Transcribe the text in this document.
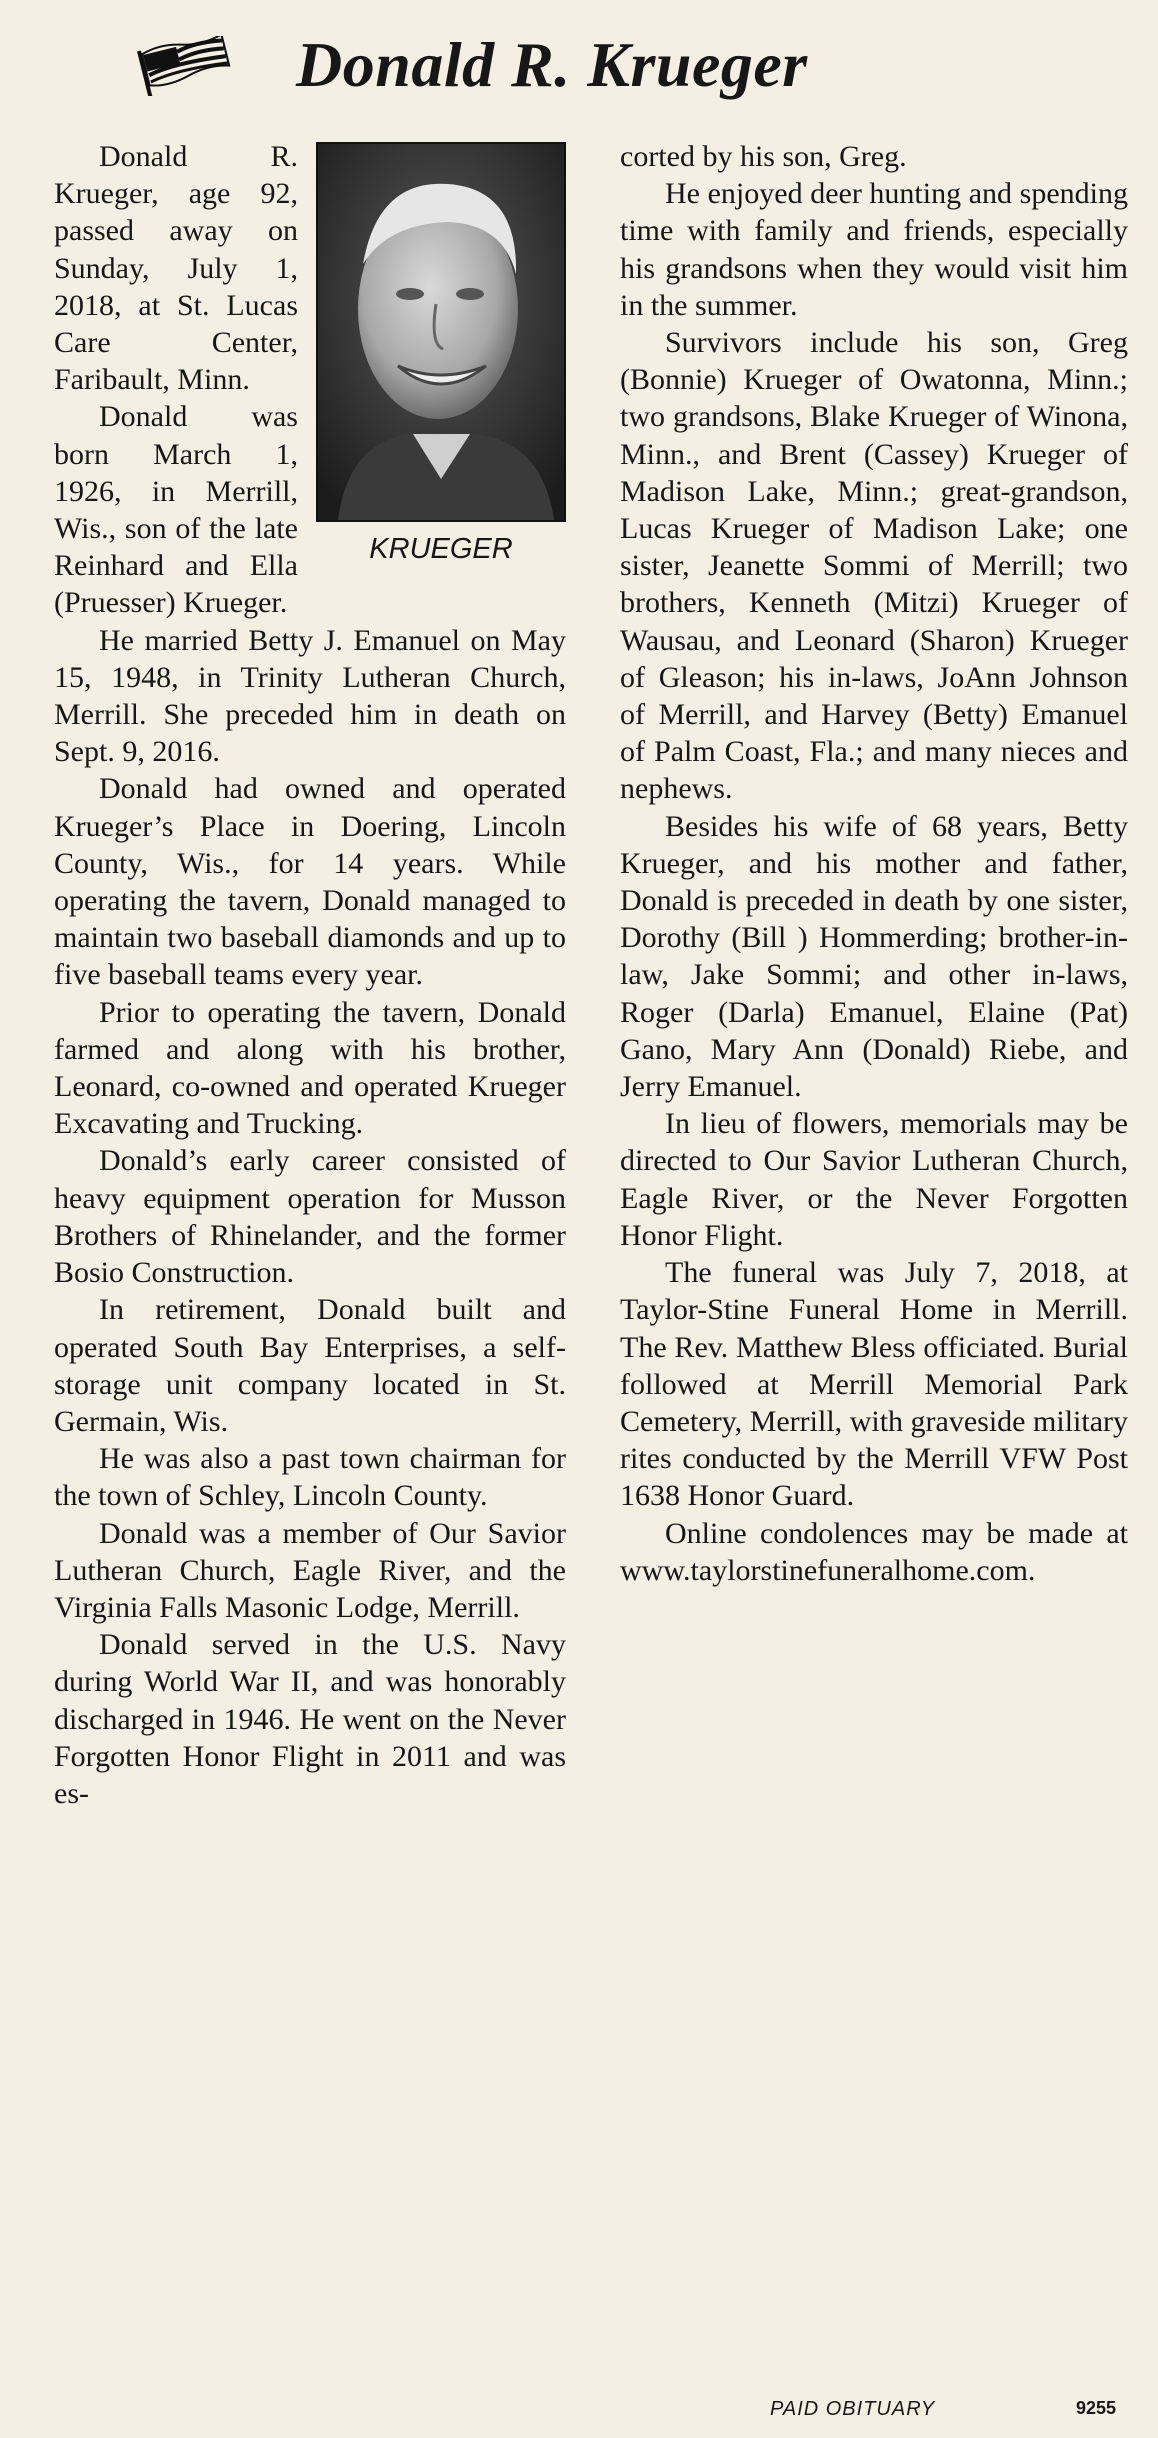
Donald R. Krueger
KRUEGER

Donald R. Krueger, age 92, passed away on Sunday, July 1, 2018, at St. Lucas Care Center, Faribault, Minn.

Donald was born March 1, 1926, in Merrill, Wis., son of the late Reinhard and Ella (Pruesser) Krueger.

He married Betty J. Emanuel on May 15, 1948, in Trinity Lutheran Church, Merrill. She preceded him in death on Sept. 9, 2016.

Donald had owned and operated Krueger’s Place in Doering, Lincoln County, Wis., for 14 years. While operating the tavern, Donald managed to maintain two baseball diamonds and up to five baseball teams every year.

Prior to operating the tavern, Donald farmed and along with his brother, Leonard, co-owned and operated Krueger Excavating and Trucking.

Donald’s early career consisted of heavy equipment operation for Musson Brothers of Rhinelander, and the former Bosio Construction.

In retirement, Donald built and operated South Bay Enterprises, a self-storage unit company located in St. Germain, Wis.

He was also a past town chairman for the town of Schley, Lincoln County.

Donald was a member of Our Savior Lutheran Church, Eagle River, and the Virginia Falls Masonic Lodge, Merrill.

Donald served in the U.S. Navy during World War II, and was honorably discharged in 1946. He went on the Never Forgotten Honor Flight in 2011 and was es-

corted by his son, Greg.

He enjoyed deer hunting and spending time with family and friends, especially his grandsons when they would visit him in the summer.

Survivors include his son, Greg (Bonnie) Krueger of Owatonna, Minn.; two grandsons, Blake Krueger of Winona, Minn., and Brent (Cassey) Krueger of Madison Lake, Minn.; great-grandson, Lucas Krueger of Madison Lake; one sister, Jeanette Sommi of Merrill; two brothers, Kenneth (Mitzi) Krueger of Wausau, and Leonard (Sharon) Krueger of Gleason; his in-laws, JoAnn Johnson of Merrill, and Harvey (Betty) Emanuel of Palm Coast, Fla.; and many nieces and nephews.

Besides his wife of 68 years, Betty Krueger, and his mother and father, Donald is preceded in death by one sister, Dorothy (Bill ) Hommerding; brother-in-law, Jake Sommi; and other in-laws, Roger (Darla) Emanuel, Elaine (Pat) Gano, Mary Ann (Donald) Riebe, and Jerry Emanuel.

In lieu of flowers, memorials may be directed to Our Savior Lutheran Church, Eagle River, or the Never Forgotten Honor Flight.

The funeral was July 7, 2018, at Taylor-Stine Funeral Home in Merrill. The Rev. Matthew Bless officiated. Burial followed at Merrill Memorial Park Cemetery, Merrill, with graveside military rites conducted by the Merrill VFW Post 1638 Honor Guard.

Online condolences may be made at www.taylorstinefuneralhome.com.

PAID OBITUARY	9255
